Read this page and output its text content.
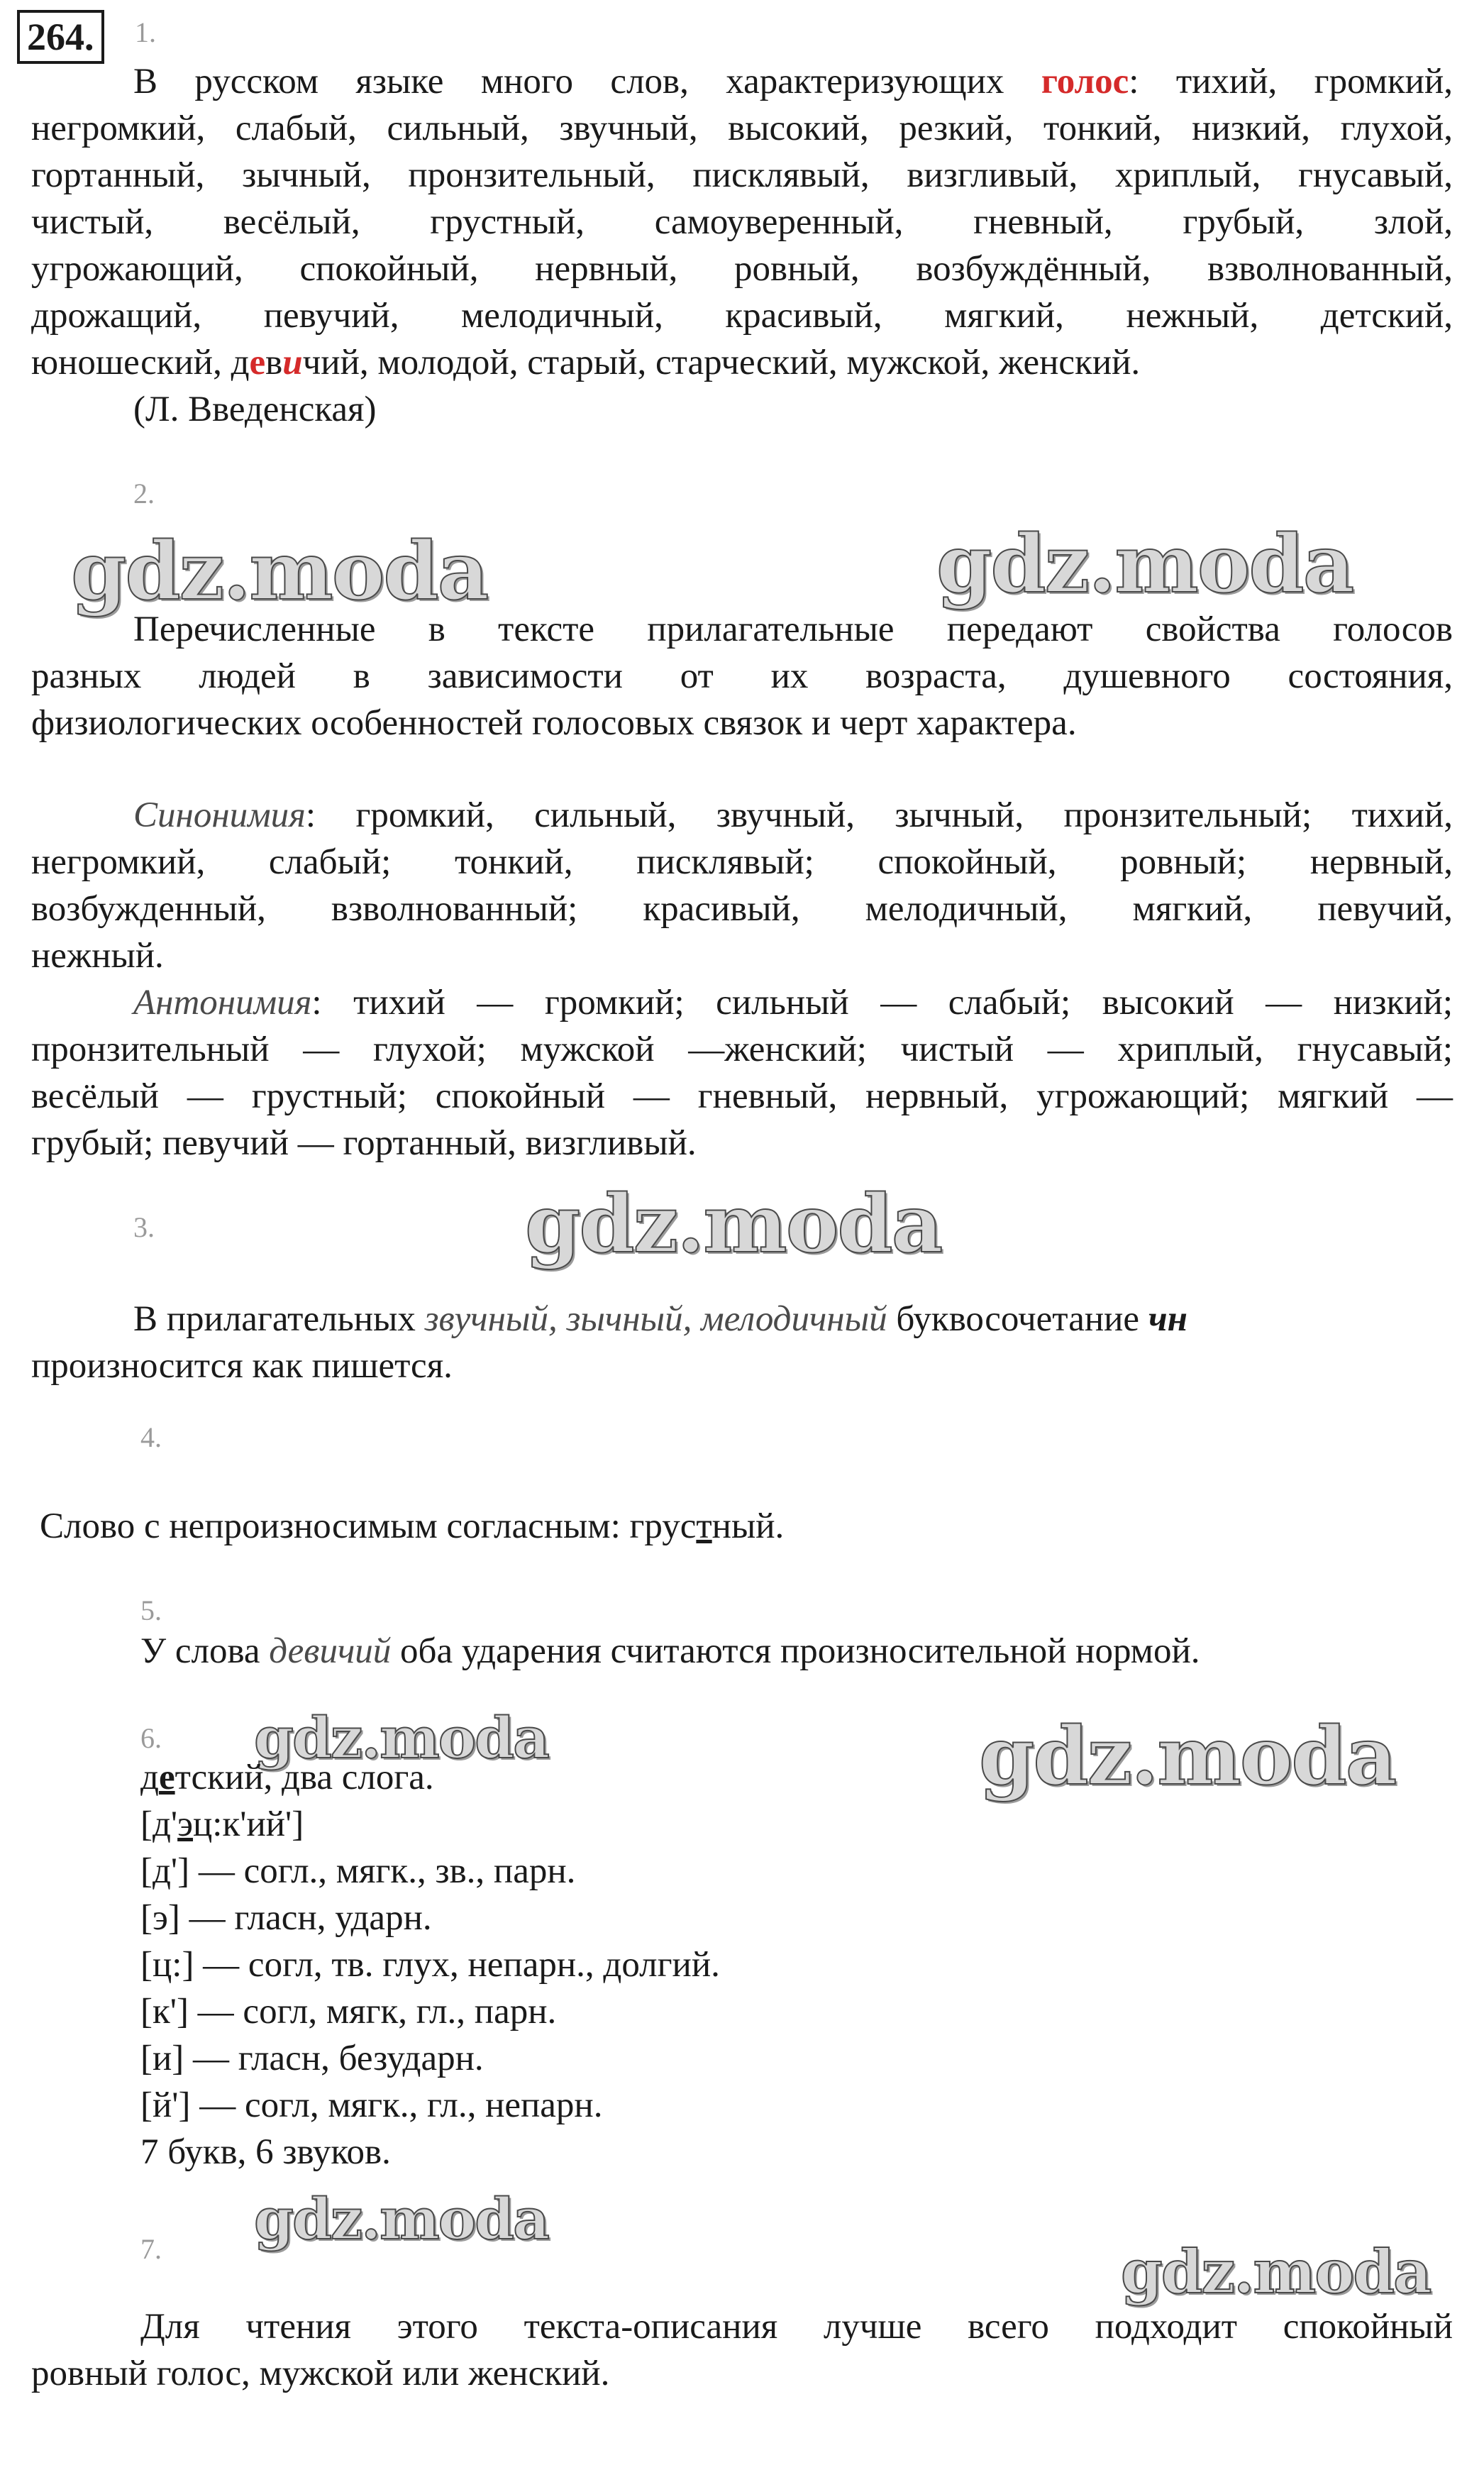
264.	1.
В русском языке много слов, характеризующих голос: тихий, громкий,
негромкий, слабый, сильный, звучный, высокий, резкий, тонкий, низкий, глухой,
гортанный, зычный, пронзительный, писклявый, визгливый, хриплый, гнусавый,
чистый, весёлый, грустный, самоуверенный, гневный, грубый, злой,
угрожающий, спокойный, нервный, ровный, возбуждённый, взволнованный,
дрожащий, певучий, мелодичный, красивый, мягкий, нежный, детский,
юношеский, девичий, молодой, старый, старческий, мужской, женский.
(Л. Введенская)
2.
gdz.moda	gdz.moda
Перечисленные в тексте прилагательные передают свойства голосов
разных людей в зависимости от их возраста, душевного состояния,
физиологических особенностей голосовых связок и черт характера.
Синонимия: громкий, сильный, звучный, зычный, пронзительный; тихий,
негромкий, слабый; тонкий, писклявый; спокойный, ровный; нервный,
возбужденный, взволнованный; красивый, мелодичный, мягкий, певучий,
нежный.
Антонимия: тихий — громкий; сильный — слабый; высокий — низкий;
пронзительный — глухой; мужской —женский; чистый — хриплый, гнусавый;
весёлый — грустный; спокойный — гневный, нервный, угрожающий; мягкий —
грубый; певучий — гортанный, визгливый.
gdz.moda
3.
В прилагательных звучный, зычный, мелодичный буквосочетание чн
произносится как пишется.
4.
Слово с непроизносимым согласным: грустный.
5.
У слова девичий оба ударения считаются произносительной нормой.
6. gdz.moda	gdz.moda
детский, два слога.
[д'эц:к'ий']
[д'] — согл., мягк., зв., парн.
[э] — гласн, ударн.
[ц:] — согл, тв. глух, непарн., долгий.
[к'] — согл, мягк, гл., парн.
[и] — гласн, безударн.
[й'] — согл, мягк., гл., непарн.
7 букв, 6 звуков.
gdz.moda
7.	gdz.moda
Для чтения этого текста-описания лучше всего подходит спокойный
ровный голос, мужской или женский.
